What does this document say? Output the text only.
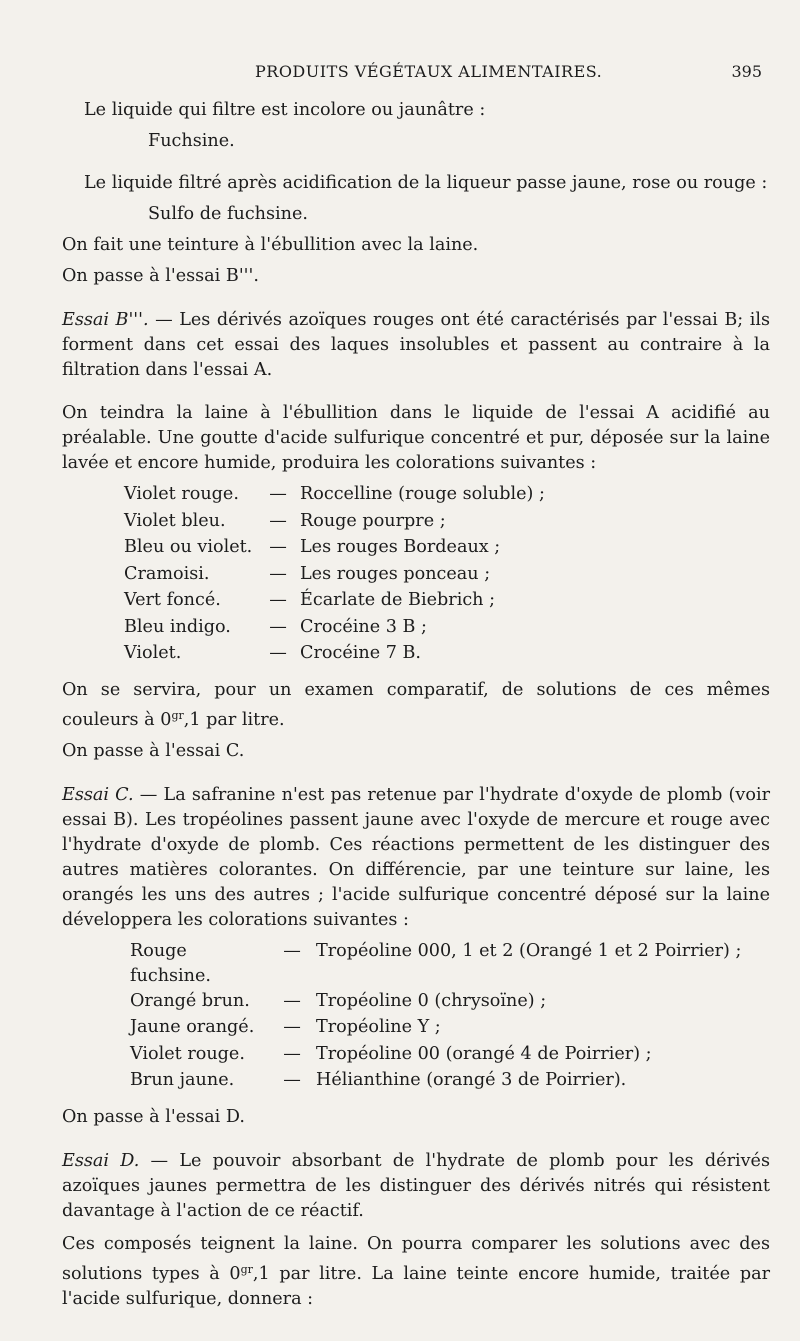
PRODUITS VÉGÉTAUX ALIMENTAIRES.	395

Le liquide qui filtre est incolore ou jaunâtre :

Fuchsine.

Le liquide filtré après acidification de la liqueur passe jaune, rose ou rouge :

Sulfo de fuchsine.

On fait une teinture à l'ébullition avec la laine.

On passe à l'essai B'''.

Essai B'''. — Les dérivés azoïques rouges ont été caractérisés par l'essai B; ils forment dans cet essai des laques insolubles et passent au contraire à la filtration dans l'essai A.

On teindra la laine à l'ébullition dans le liquide de l'essai A acidifié au préalable. Une goutte d'acide sulfurique concentré et pur, déposée sur la laine lavée et encore humide, produira les colorations suivantes :

Violet rouge.	—	Roccelline (rouge soluble) ;
Violet bleu.	—	Rouge pourpre ;
Bleu ou violet.	—	Les rouges Bordeaux ;
Cramoisi.	—	Les rouges ponceau ;
Vert foncé.	—	Écarlate de Biebrich ;
Bleu indigo.	—	Crocéine 3 B ;
Violet.	—	Crocéine 7 B.

On se servira, pour un examen comparatif, de solutions de ces mêmes couleurs à $0^{gr},1$ par litre.

On passe à l'essai C.

Essai C. — La safranine n'est pas retenue par l'hydrate d'oxyde de plomb (voir essai B). Les tropéolines passent jaune avec l'oxyde de mercure et rouge avec l'hydrate d'oxyde de plomb. Ces réactions permettent de les distinguer des autres matières colorantes. On différencie, par une teinture sur laine, les orangés les uns des autres ; l'acide sulfurique concentré déposé sur la laine développera les colorations suivantes :

Rouge fuchsine.	—	Tropéoline 000, 1 et 2 (Orangé 1 et 2 Poirrier) ;
Orangé brun.	—	Tropéoline 0 (chrysoïne) ;
Jaune orangé.	—	Tropéoline Y ;
Violet rouge.	—	Tropéoline 00 (orangé 4 de Poirrier) ;
Brun jaune.	—	Hélianthine (orangé 3 de Poirrier).

On passe à l'essai D.

Essai D. — Le pouvoir absorbant de l'hydrate de plomb pour les dérivés azoïques jaunes permettra de les distinguer des dérivés nitrés qui résistent davantage à l'action de ce réactif.

Ces composés teignent la laine. On pourra comparer les solutions avec des solutions types à $0^{gr},1$ par litre. La laine teinte encore humide, traitée par l'acide sulfurique, donnera :
